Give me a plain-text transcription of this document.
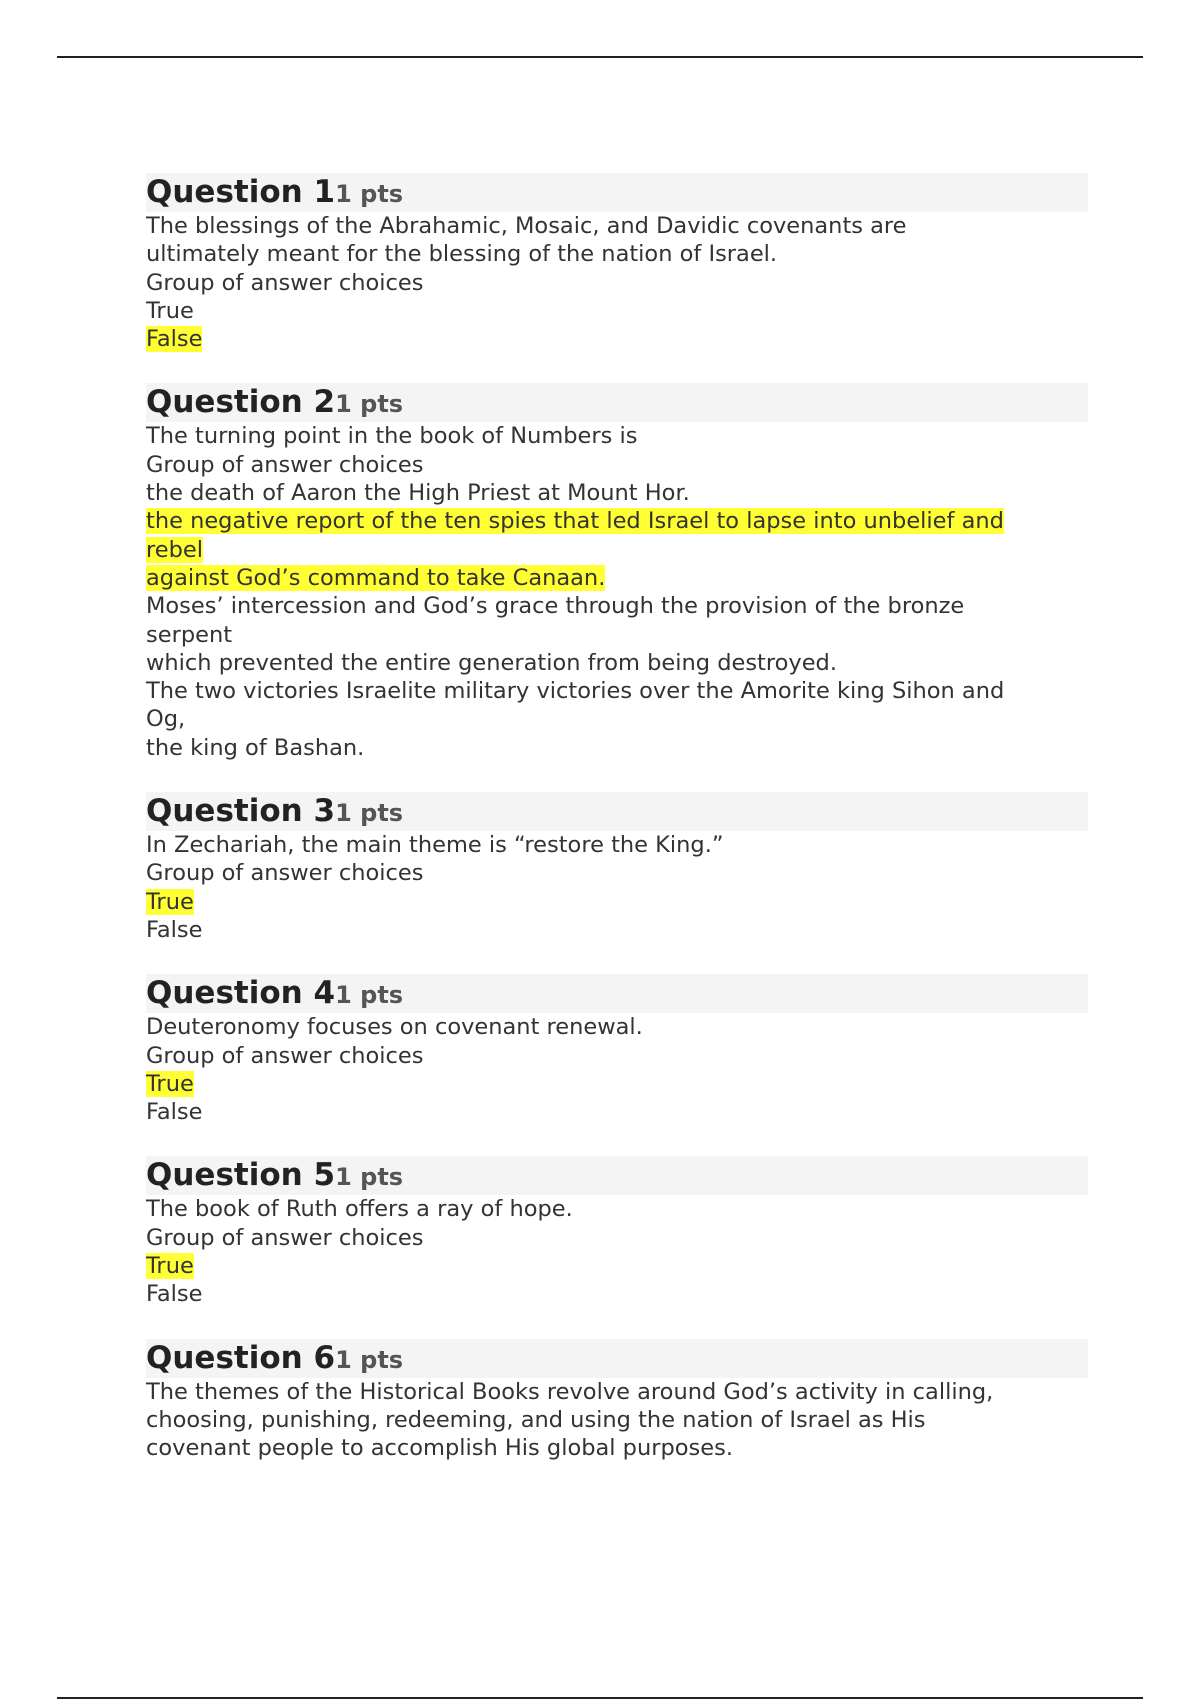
Question 11 pts
The blessings of the Abrahamic, Mosaic, and Davidic covenants are
ultimately meant for the blessing of the nation of Israel.
Group of answer choices
True
False
Question 21 pts
The turning point in the book of Numbers is
Group of answer choices
the death of Aaron the High Priest at Mount Hor.
the negative report of the ten spies that led Israel to lapse into unbelief and
rebel
against God’s command to take Canaan.
Moses’ intercession and God’s grace through the provision of the bronze
serpent
which prevented the entire generation from being destroyed.
The two victories Israelite military victories over the Amorite king Sihon and
Og,
the king of Bashan.
Question 31 pts
In Zechariah, the main theme is “restore the King.”
Group of answer choices
True
False
Question 41 pts
Deuteronomy focuses on covenant renewal.
Group of answer choices
True
False
Question 51 pts
The book of Ruth offers a ray of hope.
Group of answer choices
True
False
Question 61 pts
The themes of the Historical Books revolve around God’s activity in calling,
choosing, punishing, redeeming, and using the nation of Israel as His
covenant people to accomplish His global purposes.
